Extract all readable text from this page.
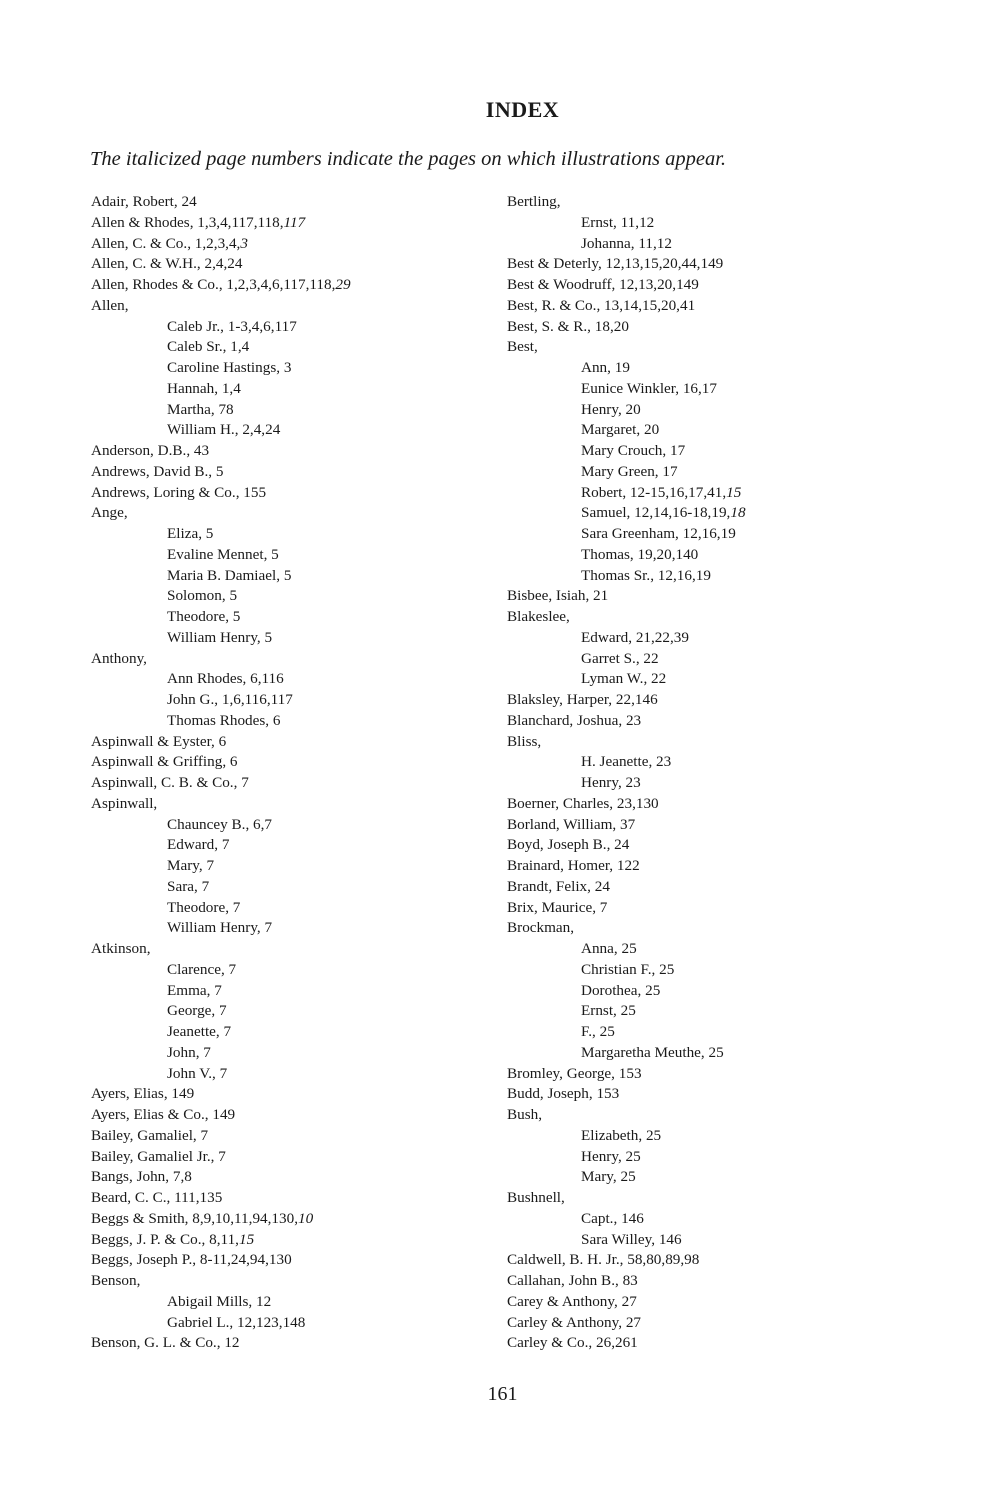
INDEX
The italicized page numbers indicate the pages on which illustrations appear.
Adair, Robert, 24
Allen & Rhodes, 1,3,4,117,118,117
Allen, C. & Co., 1,2,3,4,3
Allen, C. & W.H., 2,4,24
Allen, Rhodes & Co., 1,2,3,4,6,117,118,29
Allen,
Caleb Jr., 1-3,4,6,117
Caleb Sr., 1,4
Caroline Hastings, 3
Hannah, 1,4
Martha, 78
William H., 2,4,24
Anderson, D.B., 43
Andrews, David B., 5
Andrews, Loring & Co., 155
Ange,
Eliza, 5
Evaline Mennet, 5
Maria B. Damiael, 5
Solomon, 5
Theodore, 5
William Henry, 5
Anthony,
Ann Rhodes, 6,116
John G., 1,6,116,117
Thomas Rhodes, 6
Aspinwall & Eyster, 6
Aspinwall & Griffing, 6
Aspinwall, C. B. & Co., 7
Aspinwall,
Chauncey B., 6,7
Edward, 7
Mary, 7
Sara, 7
Theodore, 7
William Henry, 7
Atkinson,
Clarence, 7
Emma, 7
George, 7
Jeanette, 7
John, 7
John V., 7
Ayers, Elias, 149
Ayers, Elias & Co., 149
Bailey, Gamaliel, 7
Bailey, Gamaliel Jr., 7
Bangs, John, 7,8
Beard, C. C., 111,135
Beggs & Smith, 8,9,10,11,94,130,10
Beggs, J. P. & Co., 8,11,15
Beggs, Joseph P., 8-11,24,94,130
Benson,
Abigail Mills, 12
Gabriel L., 12,123,148
Benson, G. L. & Co., 12
Bertling,
Ernst, 11,12
Johanna, 11,12
Best & Deterly, 12,13,15,20,44,149
Best & Woodruff, 12,13,20,149
Best, R. & Co., 13,14,15,20,41
Best, S. & R., 18,20
Best,
Ann, 19
Eunice Winkler, 16,17
Henry, 20
Margaret, 20
Mary Crouch, 17
Mary Green, 17
Robert, 12-15,16,17,41,15
Samuel, 12,14,16-18,19,18
Sara Greenham, 12,16,19
Thomas, 19,20,140
Thomas Sr., 12,16,19
Bisbee, Isiah, 21
Blakeslee,
Edward, 21,22,39
Garret S., 22
Lyman W., 22
Blaksley, Harper, 22,146
Blanchard, Joshua, 23
Bliss,
H. Jeanette, 23
Henry, 23
Boerner, Charles, 23,130
Borland, William, 37
Boyd, Joseph B., 24
Brainard, Homer, 122
Brandt, Felix, 24
Brix, Maurice, 7
Brockman,
Anna, 25
Christian F., 25
Dorothea, 25
Ernst, 25
F., 25
Margaretha Meuthe, 25
Bromley, George, 153
Budd, Joseph, 153
Bush,
Elizabeth, 25
Henry, 25
Mary, 25
Bushnell,
Capt., 146
Sara Willey, 146
Caldwell, B. H. Jr., 58,80,89,98
Callahan, John B., 83
Carey & Anthony, 27
Carley & Anthony, 27
Carley & Co., 26,261
161
